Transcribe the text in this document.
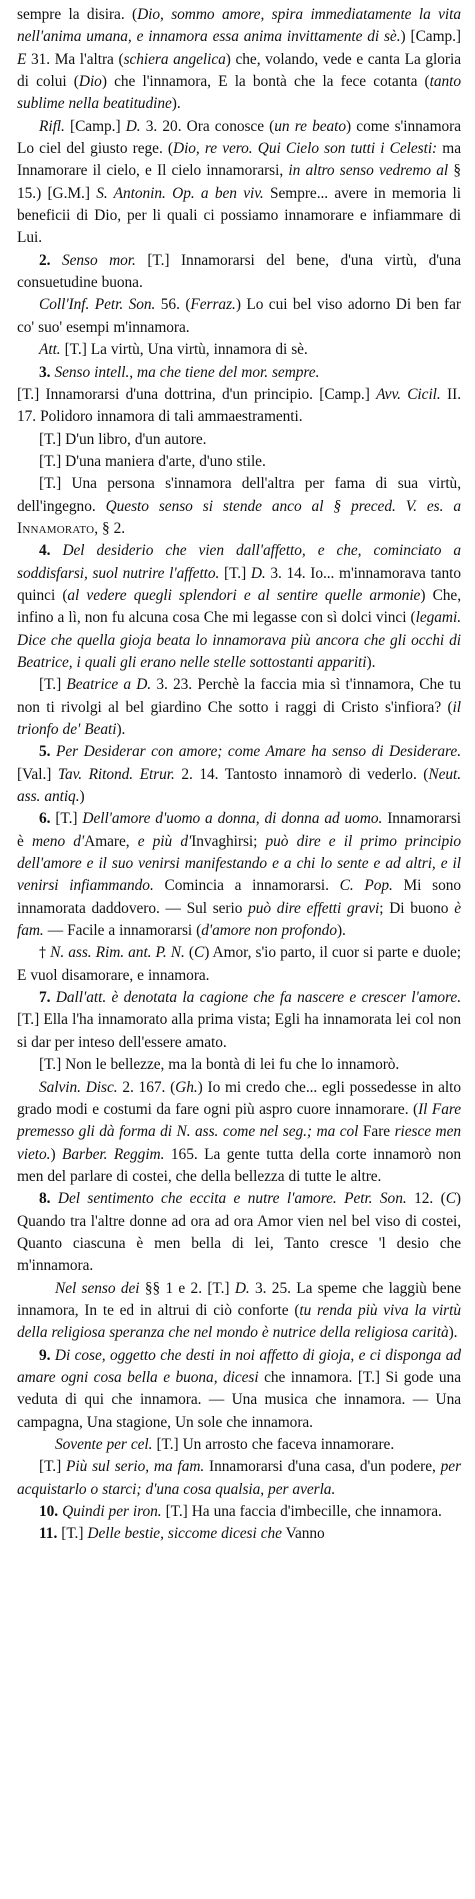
sempre la disira. (Dio, sommo amore, spira immediatamente la vita nell'anima umana, e innamora essa anima invittamente di sè.) [Camp.] E 31. Ma l'altra (schiera angelica) che, volando, vede e canta La gloria di colui (Dio) che l'innamora, E la bontà che la fece cotanta (tanto sublime nella beatitudine).

Rifl. [Camp.] D. 3. 20. Ora conosce (un re beato) come s'innamora Lo ciel del giusto rege. (Dio, re vero. Qui Cielo son tutti i Celesti: ma Innamorare il cielo, e Il cielo innamorarsi, in altro senso vedremo al § 15.) [G.M.] S. Antonin. Op. a ben viv. Sempre... avere in memoria li beneficii di Dio, per li quali ci possiamo innamorare e infiammare di Lui.

2. Senso mor. [T.] Innamorarsi del bene, d'una virtù, d'una consuetudine buona.

Coll'Inf. Petr. Son. 56. (Ferraz.) Lo cui bel viso adorno Di ben far co' suo' esempi m'innamora.

Att. [T.] La virtù, Una virtù, innamora di sè.

3. Senso intell., ma che tiene del mor. sempre.

[T.] Innamorarsi d'una dottrina, d'un principio. [Camp.] Avv. Cicil. II. 17. Polidoro innamora di tali ammaestramenti.

[T.] D'un libro, d'un autore.

[T.] D'una maniera d'arte, d'uno stile.

[T.] Una persona s'innamora dell'altra per fama di sua virtù, dell'ingegno. Questo senso si stende anco al § preced. V. es. a Innamorato, § 2.

4. Del desiderio che vien dall'affetto, e che, cominciato a soddisfarsi, suol nutrire l'affetto. [T.] D. 3. 14. Io... m'innamorava tanto quinci (al vedere quegli splendori e al sentire quelle armonie) Che, infino a lì, non fu alcuna cosa Che mi legasse con sì dolci vinci (legami. Dice che quella gioja beata lo innamorava più ancora che gli occhi di Beatrice, i quali gli erano nelle stelle sottostanti appariti).

[T.] Beatrice a D. 3. 23. Perchè la faccia mia sì t'innamora, Che tu non ti rivolgi al bel giardino Che sotto i raggi di Cristo s'infiora? (il trionfo de' Beati).

5. Per Desiderar con amore; come Amare ha senso di Desiderare. [Val.] Tav. Ritond. Etrur. 2. 14. Tantosto innamorò di vederlo. (Neut. ass. antiq.)

6. [T.] Dell'amore d'uomo a donna, di donna ad uomo. Innamorarsi è meno d'Amare, e più d'Invaghirsi; può dire e il primo principio dell'amore e il suo venirsi manifestando e a chi lo sente e ad altri, e il venirsi infiammando. Comincia a innamorarsi. C. Pop. Mi sono innamorata daddovero. — Sul serio può dire effetti gravi; Di buono è fam. — Facile a innamorarsi (d'amore non profondo).

† N. ass. Rim. ant. P. N. (C) Amor, s'io parto, il cuor si parte e duole; E vuol disamorare, e innamora.

7. Dall'att. è denotata la cagione che fa nascere e crescer l'amore. [T.] Ella l'ha innamorato alla prima vista; Egli ha innamorata lei col non si dar per inteso dell'essere amato.

[T.] Non le bellezze, ma la bontà di lei fu che lo innamorò.

Salvin. Disc. 2. 167. (Gh.) Io mi credo che... egli possedesse in alto grado modi e costumi da fare ogni più aspro cuore innamorare. (Il Fare premesso gli dà forma di N. ass. come nel seg.; ma col Fare riesce men vieto.) Barber. Reggim. 165. La gente tutta della corte innamorò non men del parlare di costei, che della bellezza di tutte le altre.

8. Del sentimento che eccita e nutre l'amore. Petr. Son. 12. (C) Quando tra l'altre donne ad ora ad ora Amor vien nel bel viso di costei, Quanto ciascuna è men bella di lei, Tanto cresce 'l desio che m'innamora.

Nel senso dei §§ 1 e 2. [T.] D. 3. 25. La speme che laggiù bene innamora, In te ed in altrui di ciò conforte (tu renda più viva la virtù della religiosa speranza che nel mondo è nutrice della religiosa carità).

9. Di cose, oggetto che desti in noi affetto di gioja, e ci disponga ad amare ogni cosa bella e buona, dicesi che innamora. [T.] Si gode una veduta di qui che innamora. — Una musica che innamora. — Una campagna, Una stagione, Un sole che innamora.

Sovente per cel. [T.] Un arrosto che faceva innamorare.

[T.] Più sul serio, ma fam. Innamorarsi d'una casa, d'un podere, per acquistarlo o starci; d'una cosa qualsia, per averla.

10. Quindi per iron. [T.] Ha una faccia d'imbecille, che innamora.

11. [T.] Delle bestie, siccome dicesi che Vanno
